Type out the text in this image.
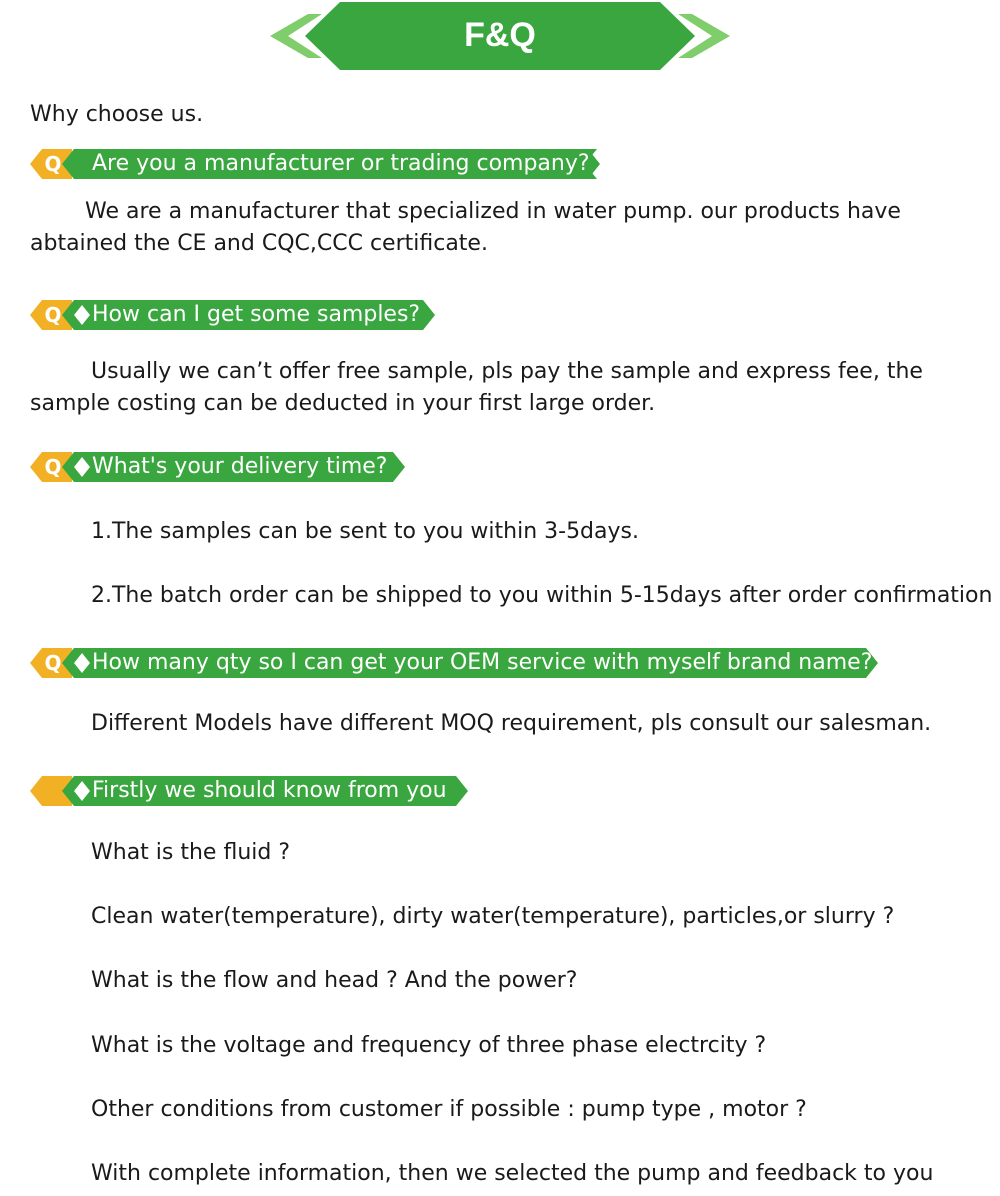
F&Q
Why choose us.
Q Are you a manufacturer or trading company?
We are a manufacturer that specialized in water pump. our products have abtained the CE and CQC,CCC certificate.
Q How can I get some samples?
Usually we can’t offer free sample, pls pay the sample and express fee, the sample costing can be deducted in your first large order.
Q What's your delivery time?
1.The samples can be sent to you within 3-5days.
2.The batch order can be shipped to you within 5-15days after order confirmation
Q How many qty so I can get your OEM service with myself brand name?
Different Models have different MOQ requirement, pls consult our salesman.
Firstly we should know from you
What is the fluid ?
Clean water(temperature), dirty water(temperature), particles,or slurry ?
What is the flow and head ? And the power?
What is the voltage and frequency of three phase electrcity ?
Other conditions from customer if possible : pump type , motor ?
With complete information, then we selected the pump and feedback to you
